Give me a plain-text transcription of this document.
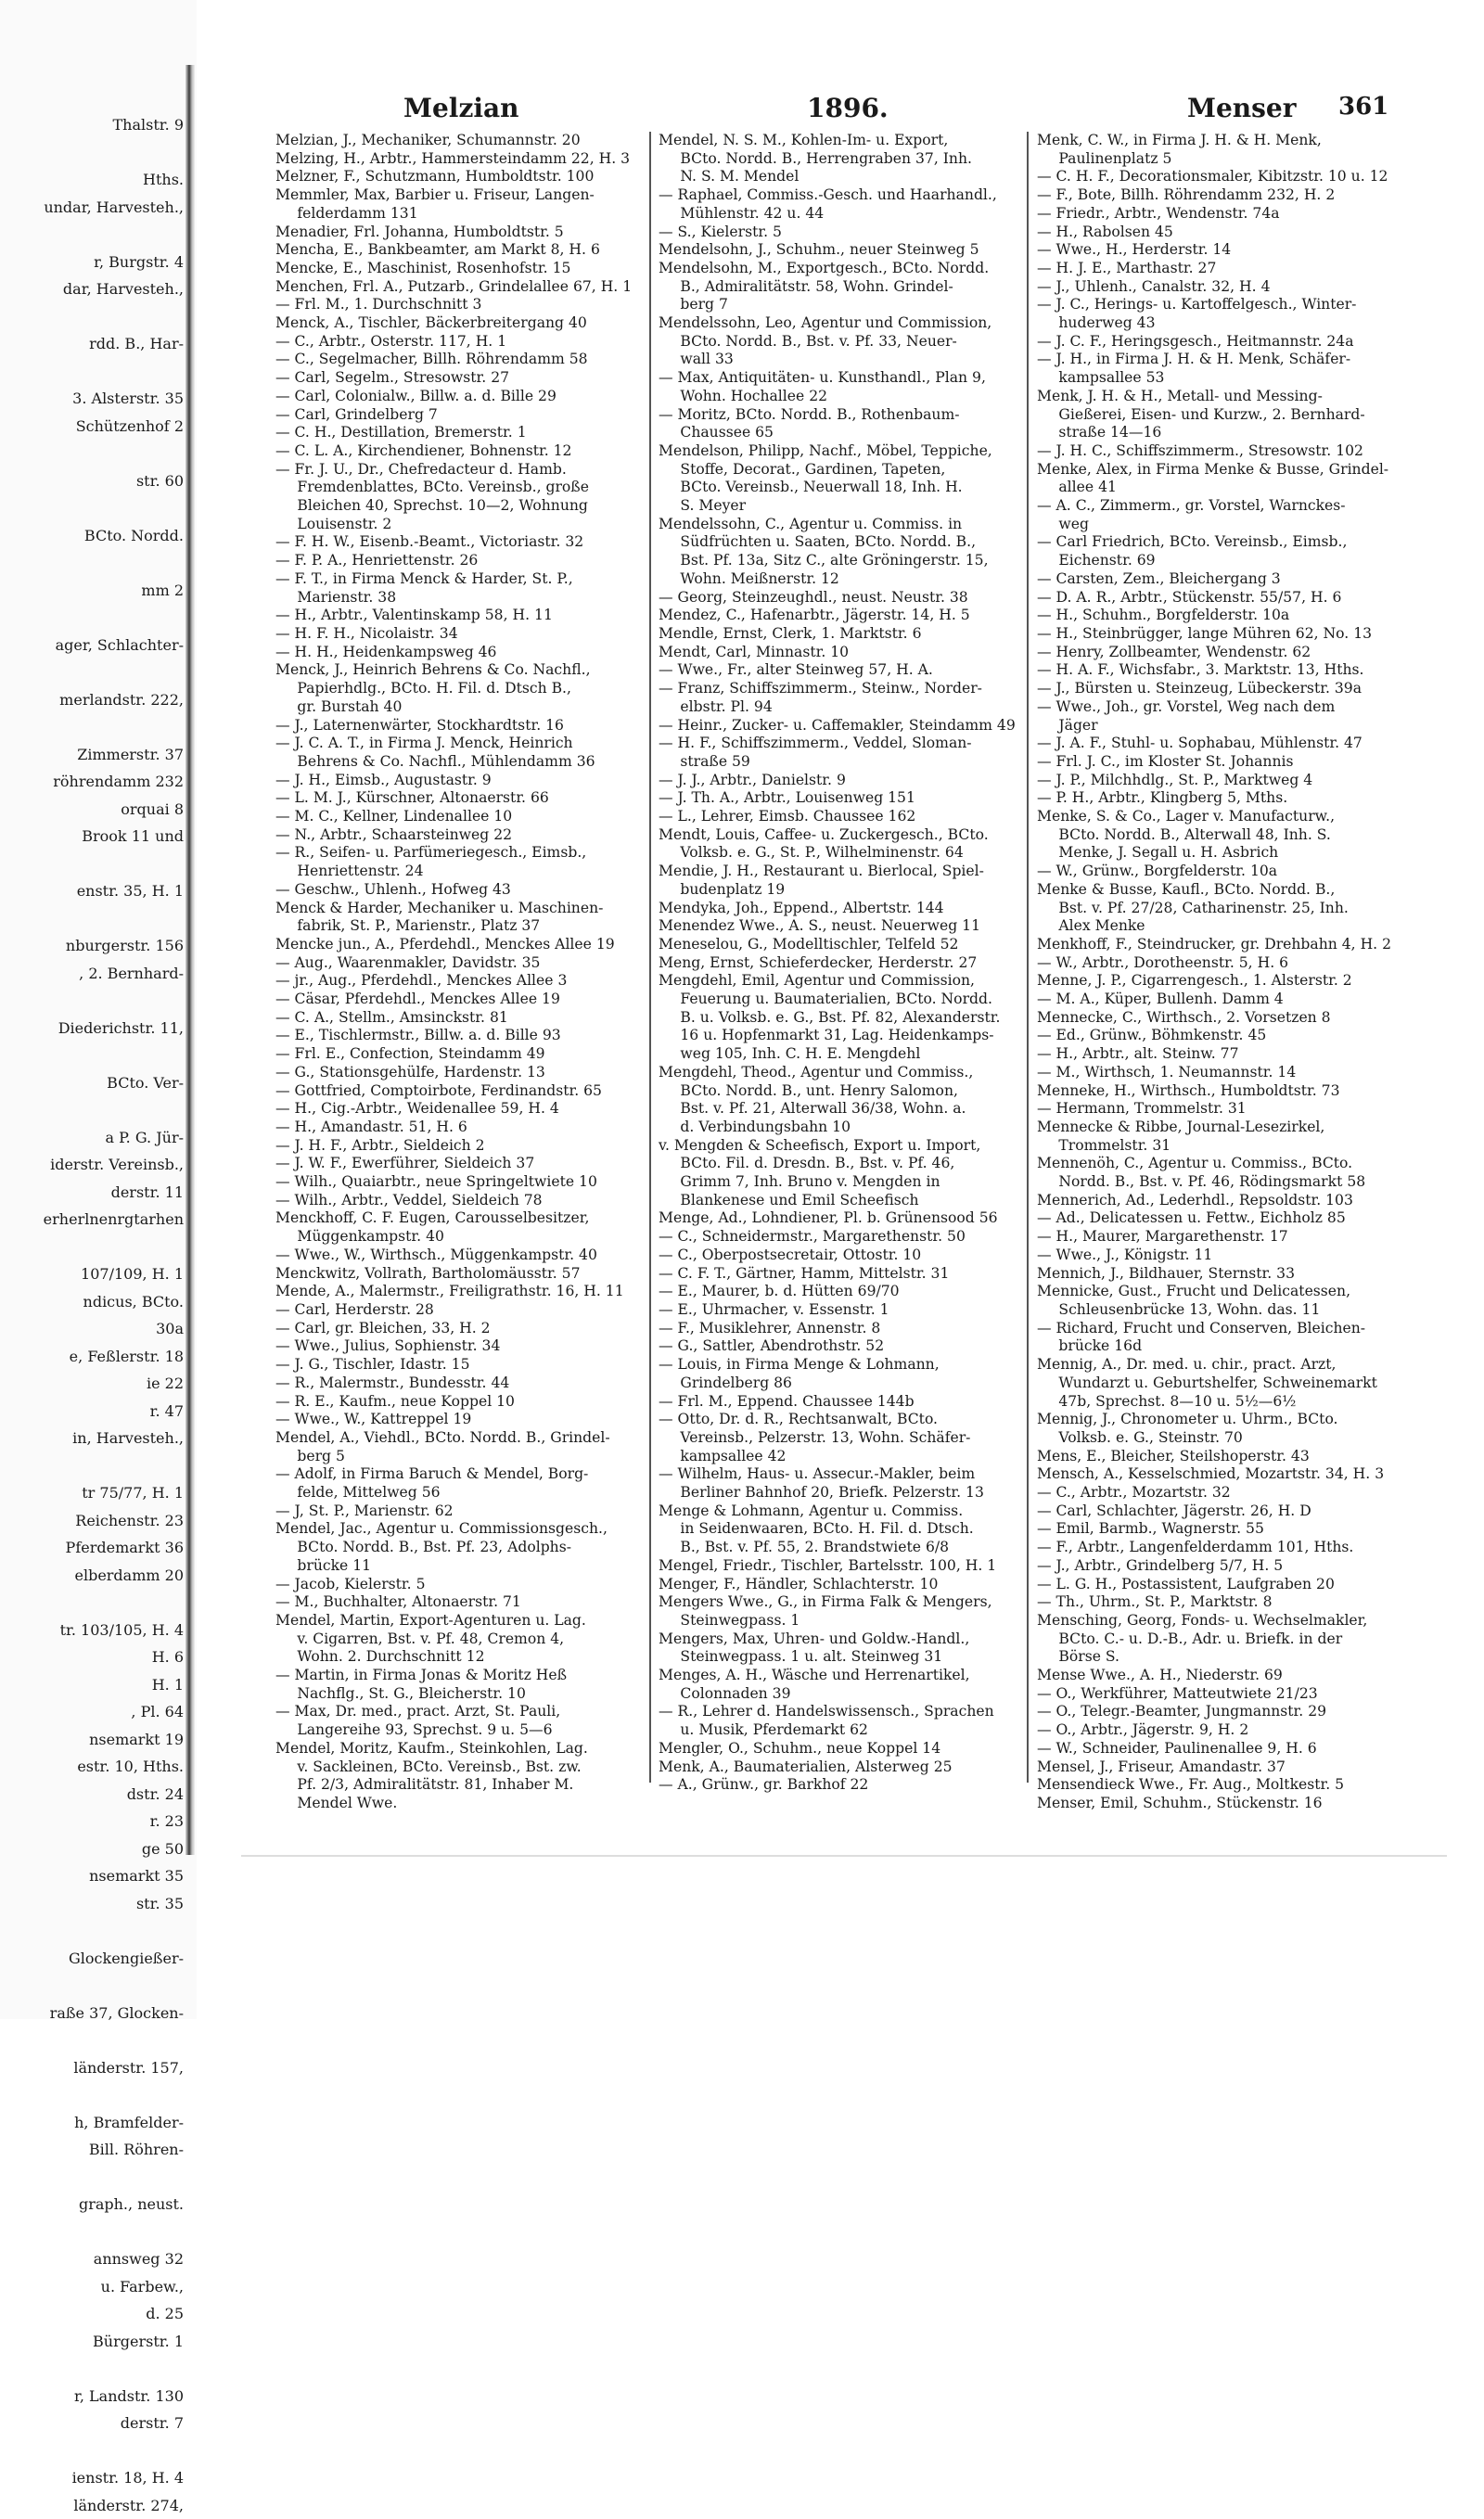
Thalstr. 9

Hths.
undar, Harvesteh.,

r, Burgstr. 4
dar, Harvesteh.,

rdd. B., Har-

3. Alsterstr. 35
Schützenhof 2

str. 60

BCto. Nordd.

mm 2

ager, Schlachter-

merlandstr. 222,

Zimmerstr. 37
röhrendamm 232
orquai 8
Brook 11 und

enstr. 35, H. 1

nburgerstr. 156
, 2. Bernhard-

Diederichstr. 11,

BCto. Ver-

a P. G. Jür-
iderstr. Vereinsb.,
derstr. 11
erherlnenrgtarhen

107/109, H. 1
ndicus, BCto.
30a
e, Feßlerstr. 18
ie 22
r. 47
in, Harvesteh.,

tr 75/77, H. 1
Reichenstr. 23
Pferdemarkt 36
elberdamm 20

tr. 103/105, H. 4
H. 6
H. 1
, Pl. 64
nsemarkt 19
estr. 10, Hths.
dstr. 24
r. 23
ge 50
nsemarkt 35
str. 35

Glockengießer-

raße 37, Glocken-

länderstr. 157,

h, Bramfelder-
Bill. Röhren-

graph., neust.

annsweg 32
u. Farbew.,
d. 25
Bürgerstr. 1

r, Landstr. 130
derstr. 7

ienstr. 18, H. 4
länderstr. 274,
Melzian	1896.	Menser 361
Melzian, J., Mechaniker, Schumannstr. 20
Melzing, H., Arbtr., Hammersteindamm 22, H. 3
Melzner, F., Schutzmann, Humboldtstr. 100
Memmler, Max, Barbier u. Friseur, Langen-
  felderdamm 131
Menadier, Frl. Johanna, Humboldtstr. 5
Mencha, E., Bankbeamter, am Markt 8, H. 6
Mencke, E., Maschinist, Rosenhofstr. 15
Menchen, Frl. A., Putzarb., Grindelallee 67, H. 1
— Frl. M., 1. Durchschnitt 3
Menck, A., Tischler, Bäckerbreitergang 40
— C., Arbtr., Osterstr. 117, H. 1
— C., Segelmacher, Billh. Röhrendamm 58
— Carl, Segelm., Stresowstr. 27
— Carl, Colonialw., Billw. a. d. Bille 29
— Carl, Grindelberg 7
— C. H., Destillation, Bremerstr. 1
— C. L. A., Kirchendiener, Bohnenstr. 12
— Fr. J. U., Dr., Chefredacteur d. Hamb.
  Fremdenblattes, BCto. Vereinsb., große
  Bleichen 40, Sprechst. 10—2, Wohnung
  Louisenstr. 2
— F. H. W., Eisenb.-Beamt., Victoriastr. 32
— F. P. A., Henriettenstr. 26
— F. T., in Firma Menck & Harder, St. P.,
  Marienstr. 38
— H., Arbtr., Valentinskamp 58, H. 11
— H. F. H., Nicolaistr. 34
— H. H., Heidenkampsweg 46
Menck, J., Heinrich Behrens & Co. Nachfl.,
  Papierhdlg., BCto. H. Fil. d. Dtsch B.,
  gr. Burstah 40
— J., Laternenwärter, Stockhardtstr. 16
— J. C. A. T., in Firma J. Menck, Heinrich
  Behrens & Co. Nachfl., Mühlendamm 36
— J. H., Eimsb., Augustastr. 9
— L. M. J., Kürschner, Altonaerstr. 66
— M. C., Kellner, Lindenallee 10
— N., Arbtr., Schaarsteinweg 22
— R., Seifen- u. Parfümeriegesch., Eimsb.,
  Henriettenstr. 24
— Geschw., Uhlenh., Hofweg 43
Menck & Harder, Mechaniker u. Maschinen-
  fabrik, St. P., Marienstr., Platz 37
Mencke jun., A., Pferdehdl., Menckes Allee 19
— Aug., Waarenmakler, Davidstr. 35
— jr., Aug., Pferdehdl., Menckes Allee 3
— Cäsar, Pferdehdl., Menckes Allee 19
— C. A., Stellm., Amsinckstr. 81
— E., Tischlermstr., Billw. a. d. Bille 93
— Frl. E., Confection, Steindamm 49
— G., Stationsgehülfe, Hardenstr. 13
— Gottfried, Comptoirbote, Ferdinandstr. 65
— H., Cig.-Arbtr., Weidenallee 59, H. 4
— H., Amandastr. 51, H. 6
— J. H. F., Arbtr., Sieldeich 2
— J. W. F., Ewerführer, Sieldeich 37
— Wilh., Quaiarbtr., neue Springeltwiete 10
— Wilh., Arbtr., Veddel, Sieldeich 78
Menckhoff, C. F. Eugen, Carousselbesitzer,
  Müggenkampstr. 40
— Wwe., W., Wirthsch., Müggenkampstr. 40
Menckwitz, Vollrath, Bartholomäusstr. 57
Mende, A., Malermstr., Freiligrathstr. 16, H. 11
— Carl, Herderstr. 28
— Carl, gr. Bleichen, 33, H. 2
— Wwe., Julius, Sophienstr. 34
— J. G., Tischler, Idastr. 15
— R., Malermstr., Bundesstr. 44
— R. E., Kaufm., neue Koppel 10
— Wwe., W., Kattreppel 19
Mendel, A., Viehdl., BCto. Nordd. B., Grindel-
  berg 5
— Adolf, in Firma Baruch & Mendel, Borg-
  felde, Mittelweg 56
— J, St. P., Marienstr. 62
Mendel, Jac., Agentur u. Commissionsgesch.,
  BCto. Nordd. B., Bst. Pf. 23, Adolphs-
  brücke 11
— Jacob, Kielerstr. 5
— M., Buchhalter, Altonaerstr. 71
Mendel, Martin, Export-Agenturen u. Lag.
  v. Cigarren, Bst. v. Pf. 48, Cremon 4,
  Wohn. 2. Durchschnitt 12
— Martin, in Firma Jonas & Moritz Heß
  Nachflg., St. G., Bleicherstr. 10
— Max, Dr. med., pract. Arzt, St. Pauli,
  Langereihe 93, Sprechst. 9 u. 5—6
Mendel, Moritz, Kaufm., Steinkohlen, Lag.
  v. Sackleinen, BCto. Vereinsb., Bst. zw.
  Pf. 2/3, Admiralitätstr. 81, Inhaber M.
  Mendel Wwe.
Mendel, N. S. M., Kohlen-Im- u. Export,
  BCto. Nordd. B., Herrengraben 37, Inh.
  N. S. M. Mendel
— Raphael, Commiss.-Gesch. und Haarhandl.,
  Mühlenstr. 42 u. 44
— S., Kielerstr. 5
Mendelsohn, J., Schuhm., neuer Steinweg 5
Mendelsohn, M., Exportgesch., BCto. Nordd.
  B., Admiralitätstr. 58, Wohn. Grindel-
  berg 7
Mendelssohn, Leo, Agentur und Commission,
  BCto. Nordd. B., Bst. v. Pf. 33, Neuer-
  wall 33
— Max, Antiquitäten- u. Kunsthandl., Plan 9,
  Wohn. Hochallee 22
— Moritz, BCto. Nordd. B., Rothenbaum-
  Chaussee 65
Mendelson, Philipp, Nachf., Möbel, Teppiche,
  Stoffe, Decorat., Gardinen, Tapeten,
  BCto. Vereinsb., Neuerwall 18, Inh. H.
  S. Meyer
Mendelssohn, C., Agentur u. Commiss. in
  Südfrüchten u. Saaten, BCto. Nordd. B.,
  Bst. Pf. 13a, Sitz C., alte Gröningerstr. 15,
  Wohn. Meißnerstr. 12
— Georg, Steinzeughdl., neust. Neustr. 38
Mendez, C., Hafenarbtr., Jägerstr. 14, H. 5
Mendle, Ernst, Clerk, 1. Marktstr. 6
Mendt, Carl, Minnastr. 10
— Wwe., Fr., alter Steinweg 57, H. A.
— Franz, Schiffszimmerm., Steinw., Norder-
  elbstr. Pl. 94
— Heinr., Zucker- u. Caffemakler, Steindamm 49
— H. F., Schiffszimmerm., Veddel, Sloman-
  straße 59
— J. J., Arbtr., Danielstr. 9
— J. Th. A., Arbtr., Louisenweg 151
— L., Lehrer, Eimsb. Chaussee 162
Mendt, Louis, Caffee- u. Zuckergesch., BCto.
  Volksb. e. G., St. P., Wilhelminenstr. 64
Mendie, J. H., Restaurant u. Bierlocal, Spiel-
  budenplatz 19
Mendyka, Joh., Eppend., Albertstr. 144
Menendez Wwe., A. S., neust. Neuerweg 11
Meneselou, G., Modelltischler, Telfeld 52
Meng, Ernst, Schieferdecker, Herderstr. 27
Mengdehl, Emil, Agentur und Commission,
  Feuerung u. Baumaterialien, BCto. Nordd.
  B. u. Volksb. e. G., Bst. Pf. 82, Alexanderstr.
  16 u. Hopfenmarkt 31, Lag. Heidenkamps-
  weg 105, Inh. C. H. E. Mengdehl
Mengdehl, Theod., Agentur und Commiss.,
  BCto. Nordd. B., unt. Henry Salomon,
  Bst. v. Pf. 21, Alterwall 36/38, Wohn. a.
  d. Verbindungsbahn 10
v. Mengden & Scheefisch, Export u. Import,
  BCto. Fil. d. Dresdn. B., Bst. v. Pf. 46,
  Grimm 7, Inh. Bruno v. Mengden in
  Blankenese und Emil Scheefisch
Menge, Ad., Lohndiener, Pl. b. Grünensood 56
— C., Schneidermstr., Margarethenstr. 50
— C., Oberpostsecretair, Ottostr. 10
— C. F. T., Gärtner, Hamm, Mittelstr. 31
— E., Maurer, b. d. Hütten 69/70
— E., Uhrmacher, v. Essenstr. 1
— F., Musiklehrer, Annenstr. 8
— G., Sattler, Abendrothstr. 52
— Louis, in Firma Menge & Lohmann,
  Grindelberg 86
— Frl. M., Eppend. Chaussee 144b
— Otto, Dr. d. R., Rechtsanwalt, BCto.
  Vereinsb., Pelzerstr. 13, Wohn. Schäfer-
  kampsallee 42
— Wilhelm, Haus- u. Assecur.-Makler, beim
  Berliner Bahnhof 20, Briefk. Pelzerstr. 13
Menge & Lohmann, Agentur u. Commiss.
  in Seidenwaaren, BCto. H. Fil. d. Dtsch.
  B., Bst. v. Pf. 55, 2. Brandstwiete 6/8
Mengel, Friedr., Tischler, Bartelsstr. 100, H. 1
Menger, F., Händler, Schlachterstr. 10
Mengers Wwe., G., in Firma Falk & Mengers,
  Steinwegpass. 1
Mengers, Max, Uhren- und Goldw.-Handl.,
  Steinwegpass. 1 u. alt. Steinweg 31
Menges, A. H., Wäsche und Herrenartikel,
  Colonnaden 39
— R., Lehrer d. Handelswissensch., Sprachen
  u. Musik, Pferdemarkt 62
Mengler, O., Schuhm., neue Koppel 14
Menk, A., Baumaterialien, Alsterweg 25
— A., Grünw., gr. Barkhof 22
Menk, C. W., in Firma J. H. & H. Menk,
  Paulinenplatz 5
— C. H. F., Decorationsmaler, Kibitzstr. 10 u. 12
— F., Bote, Billh. Röhrendamm 232, H. 2
— Friedr., Arbtr., Wendenstr. 74a
— H., Rabolsen 45
— Wwe., H., Herderstr. 14
— H. J. E., Marthastr. 27
— J., Uhlenh., Canalstr. 32, H. 4
— J. C., Herings- u. Kartoffelgesch., Winter-
  huderweg 43
— J. C. F., Heringsgesch., Heitmannstr. 24a
— J. H., in Firma J. H. & H. Menk, Schäfer-
  kampsallee 53
Menk, J. H. & H., Metall- und Messing-
  Gießerei, Eisen- und Kurzw., 2. Bernhard-
  straße 14—16
— J. H. C., Schiffszimmerm., Stresowstr. 102
Menke, Alex, in Firma Menke & Busse, Grindel-
  allee 41
— A. C., Zimmerm., gr. Vorstel, Warnckes-
  weg
— Carl Friedrich, BCto. Vereinsb., Eimsb.,
  Eichenstr. 69
— Carsten, Zem., Bleichergang 3
— D. A. R., Arbtr., Stückenstr. 55/57, H. 6
— H., Schuhm., Borgfelderstr. 10a
— H., Steinbrügger, lange Mühren 62, No. 13
— Henry, Zollbeamter, Wendenstr. 62
— H. A. F., Wichsfabr., 3. Marktstr. 13, Hths.
— J., Bürsten u. Steinzeug, Lübeckerstr. 39a
— Wwe., Joh., gr. Vorstel, Weg nach dem
  Jäger
— J. A. F., Stuhl- u. Sophabau, Mühlenstr. 47
— Frl. J. C., im Kloster St. Johannis
— J. P., Milchhdlg., St. P., Marktweg 4
— P. H., Arbtr., Klingberg 5, Mths.
Menke, S. & Co., Lager v. Manufacturw.,
  BCto. Nordd. B., Alterwall 48, Inh. S.
  Menke, J. Segall u. H. Asbrich
— W., Grünw., Borgfelderstr. 10a
Menke & Busse, Kaufl., BCto. Nordd. B.,
  Bst. v. Pf. 27/28, Catharinenstr. 25, Inh.
  Alex Menke
Menkhoff, F., Steindrucker, gr. Drehbahn 4, H. 2
— W., Arbtr., Dorotheenstr. 5, H. 6
Menne, J. P., Cigarrengesch., 1. Alsterstr. 2
— M. A., Küper, Bullenh. Damm 4
Mennecke, C., Wirthsch., 2. Vorsetzen 8
— Ed., Grünw., Böhmkenstr. 45
— H., Arbtr., alt. Steinw. 77
— M., Wirthsch, 1. Neumannstr. 14
Menneke, H., Wirthsch., Humboldtstr. 73
— Hermann, Trommelstr. 31
Mennecke & Ribbe, Journal-Lesezirkel,
  Trommelstr. 31
Mennenöh, C., Agentur u. Commiss., BCto.
  Nordd. B., Bst. v. Pf. 46, Rödingsmarkt 58
Mennerich, Ad., Lederhdl., Repsoldstr. 103
— Ad., Delicatessen u. Fettw., Eichholz 85
— H., Maurer, Margarethenstr. 17
— Wwe., J., Königstr. 11
Mennich, J., Bildhauer, Sternstr. 33
Mennicke, Gust., Frucht und Delicatessen,
  Schleusenbrücke 13, Wohn. das. 11
— Richard, Frucht und Conserven, Bleichen-
  brücke 16d
Mennig, A., Dr. med. u. chir., pract. Arzt,
  Wundarzt u. Geburtshelfer, Schweinemarkt
  47b, Sprechst. 8—10 u. 5½—6½
Mennig, J., Chronometer u. Uhrm., BCto.
  Volksb. e. G., Steinstr. 70
Mens, E., Bleicher, Steilshoperstr. 43
Mensch, A., Kesselschmied, Mozartstr. 34, H. 3
— C., Arbtr., Mozartstr. 32
— Carl, Schlachter, Jägerstr. 26, H. D
— Emil, Barmb., Wagnerstr. 55
— F., Arbtr., Langenfelderdamm 101, Hths.
— J., Arbtr., Grindelberg 5/7, H. 5
— L. G. H., Postassistent, Laufgraben 20
— Th., Uhrm., St. P., Marktstr. 8
Mensching, Georg, Fonds- u. Wechselmakler,
  BCto. C.- u. D.-B., Adr. u. Briefk. in der
  Börse S.
Mense Wwe., A. H., Niederstr. 69
— O., Werkführer, Matteutwiete 21/23
— O., Telegr.-Beamter, Jungmannstr. 29
— O., Arbtr., Jägerstr. 9, H. 2
— W., Schneider, Paulinenallee 9, H. 6
Mensel, J., Friseur, Amandastr. 37
Mensendieck Wwe., Fr. Aug., Moltkestr. 5
Menser, Emil, Schuhm., Stückenstr. 16
